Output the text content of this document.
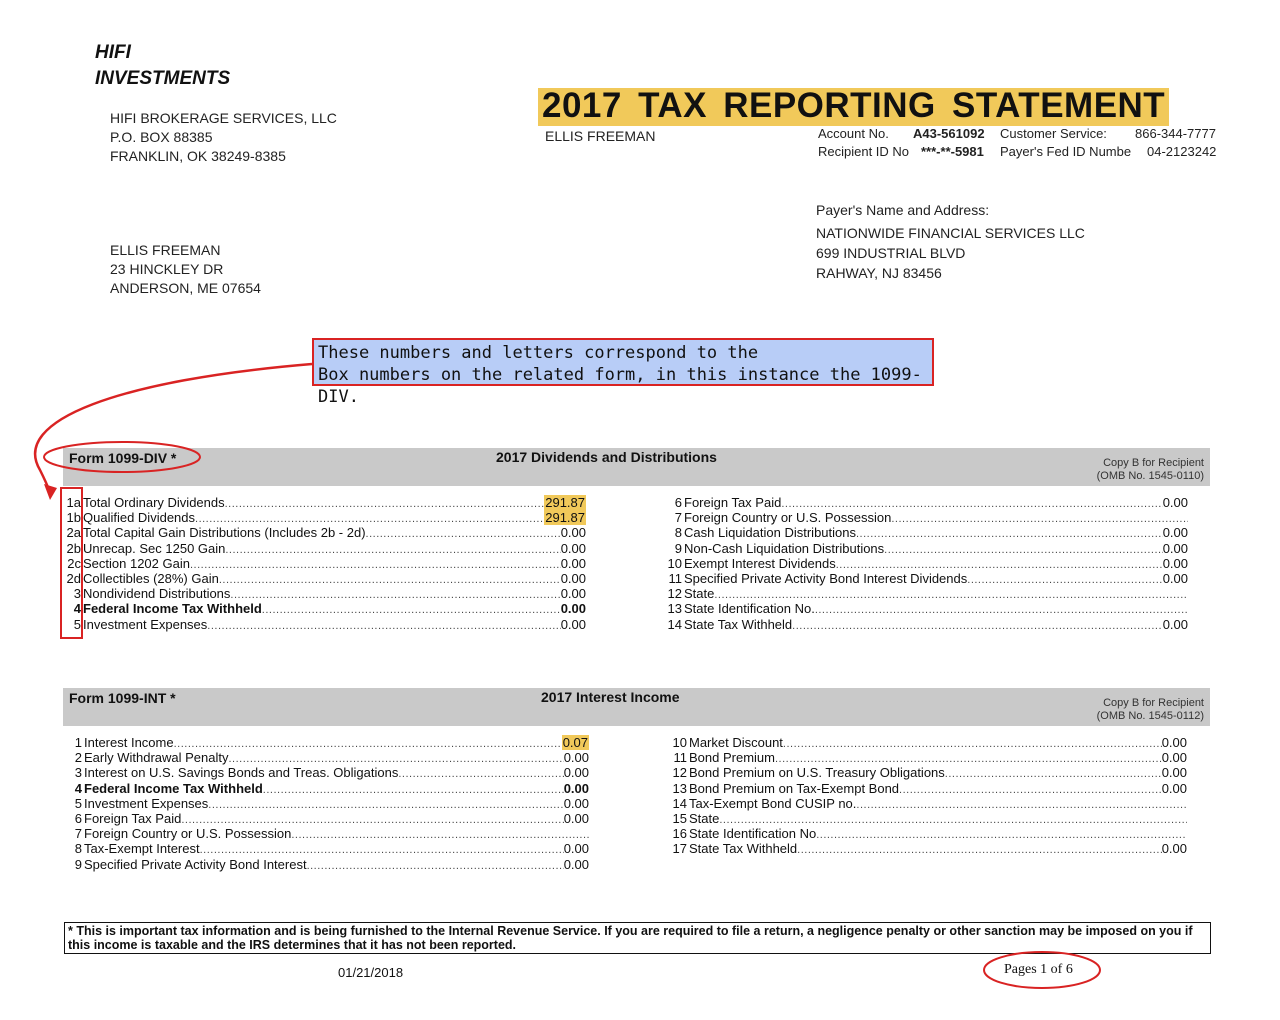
HIFI
INVESTMENTS
HIFI BROKERAGE SERVICES, LLC
P.O. BOX 88385
FRANKLIN, OK 38249-8385
2017 TAX REPORTING STATEMENT
ELLIS FREEMAN	Account No. A43-561092 Customer Service: 866-344-7777
Recipient ID No ***-**-5981 Payer's Fed ID Numbe 04-2123242
Payer's Name and Address:
NATIONWIDE FINANCIAL SERVICES LLC
699 INDUSTRIAL BLVD
RAHWAY, NJ 83456
ELLIS FREEMAN
23 HINCKLEY DR
ANDERSON, ME 07654
These numbers and letters correspond to the
Box numbers on the related form, in this instance the 1099-DIV.
Form 1099-DIV *	2017 Dividends and Distributions	Copy B for Recipient
(OMB No. 1545-0110)
1a Total Ordinary Dividends .....	291.87
1b Qualified Dividends .....	291.87
2a Total Capital Gain Distributions (Includes 2b - 2d) .....	0.00
2b Unrecap. Sec 1250 Gain .....	0.00
2c Section 1202 Gain .....	0.00
2d Collectibles (28%) Gain .....	0.00
3 Nondividend Distributions .....	0.00
4 Federal Income Tax Withheld .....	0.00
5 Investment Expenses .....	0.00
6 Foreign Tax Paid .....	0.00
7 Foreign Country or U.S. Possession
.....
8 Cash Liquidation Distributions .....	0.00
9 Non-Cash Liquidation Distributions .....	0.00
10 Exempt Interest Dividends .....	0.00
11 Specified Private Activity Bond Interest Dividends .....	0.00
12 State
.....
13 State Identification No.
.....
14 State Tax Withheld .....	0.00
Form 1099-INT *	2017 Interest Income	Copy B for Recipient
(OMB No. 1545-0112)
1 Interest Income .....	0.07
2 Early Withdrawal Penalty .....	0.00
3 Interest on U.S. Savings Bonds and Treas. Obligations .....	0.00
4 Federal Income Tax Withheld .....	0.00
5 Investment Expenses .....	0.00
6 Foreign Tax Paid .....	0.00
7 Foreign Country or U.S. Possession
.....
8 Tax-Exempt Interest .....	0.00
9 Specified Private Activity Bond Interest .....	0.00
10 Market Discount .....	0.00
11 Bond Premium .....	0.00
12 Bond Premium on U.S. Treasury Obligations .....	0.00
13 Bond Premium on Tax-Exempt Bond .....	0.00
14 Tax-Exempt Bond CUSIP no.
.....
15 State
.....
16 State Identification No
.....
17 State Tax Withheld .....	0.00
* This is important tax information and is being furnished to the Internal Revenue Service. If you are required to file a return, a negligence penalty or other sanction may be imposed on you if this income is taxable and the IRS determines that it has not been reported.
01/21/2018	Pages 1 of 6
